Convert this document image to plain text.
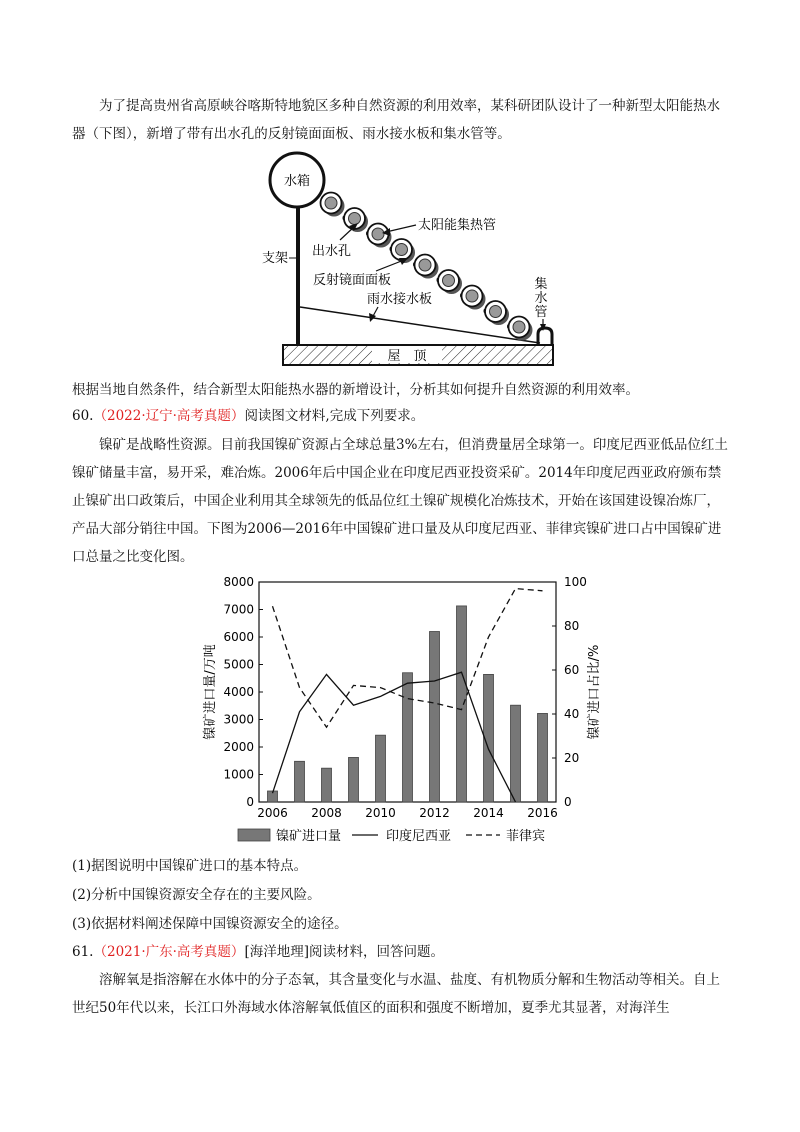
为了提高贵州省高原峡谷喀斯特地貌区多种自然资源的利用效率，某科研团队设计了一种新型太阳能热水器（下图），新增了带有出水孔的反射镜面面板、雨水接水板和集水管等。

水箱
屋　顶
支架
太阳能集热管
出水孔
反射镜面面板
雨水接水板
集
水
管
根据当地自然条件，结合新型太阳能热水器的新增设计，分析其如何提升自然资源的利用效率。
60.（2022·辽宁·高考真题）阅读图文材料,完成下列要求。

镍矿是战略性资源。目前我国镍矿资源占全球总量3%左右，但消费量居全球第一。印度尼西亚低品位红土镍矿储量丰富，易开采，难冶炼。2006年后中国企业在印度尼西亚投资采矿。2014年印度尼西亚政府颁布禁止镍矿出口政策后，中国企业利用其全球领先的低品位红土镍矿规模化冶炼技术，开始在该国建设镍冶炼厂，产品大部分销往中国。下图为2006—2016年中国镍矿进口量及从印度尼西亚、菲律宾镍矿进口占中国镍矿进口总量之比变化图。

0
1000
2000
3000
4000
5000
6000
7000
8000
0
20
40
60
80
100
2006 2008 2010 2012 2014 2016
镍矿进口量/万吨	镍矿进口占比/%
镍矿进口量	印度尼西亚	菲律宾
(1)据图说明中国镍矿进口的基本特点。
(2)分析中国镍资源安全存在的主要风险。
(3)依据材料阐述保障中国镍资源安全的途径。
61.（2021·广东·高考真题）[海洋地理]阅读材料，回答问题。

溶解氧是指溶解在水体中的分子态氧，其含量变化与水温、盐度、有机物质分解和生物活动等相关。自上世纪50年代以来，长江口外海域水体溶解氧低值区的面积和强度不断增加，夏季尤其显著，对海洋生
